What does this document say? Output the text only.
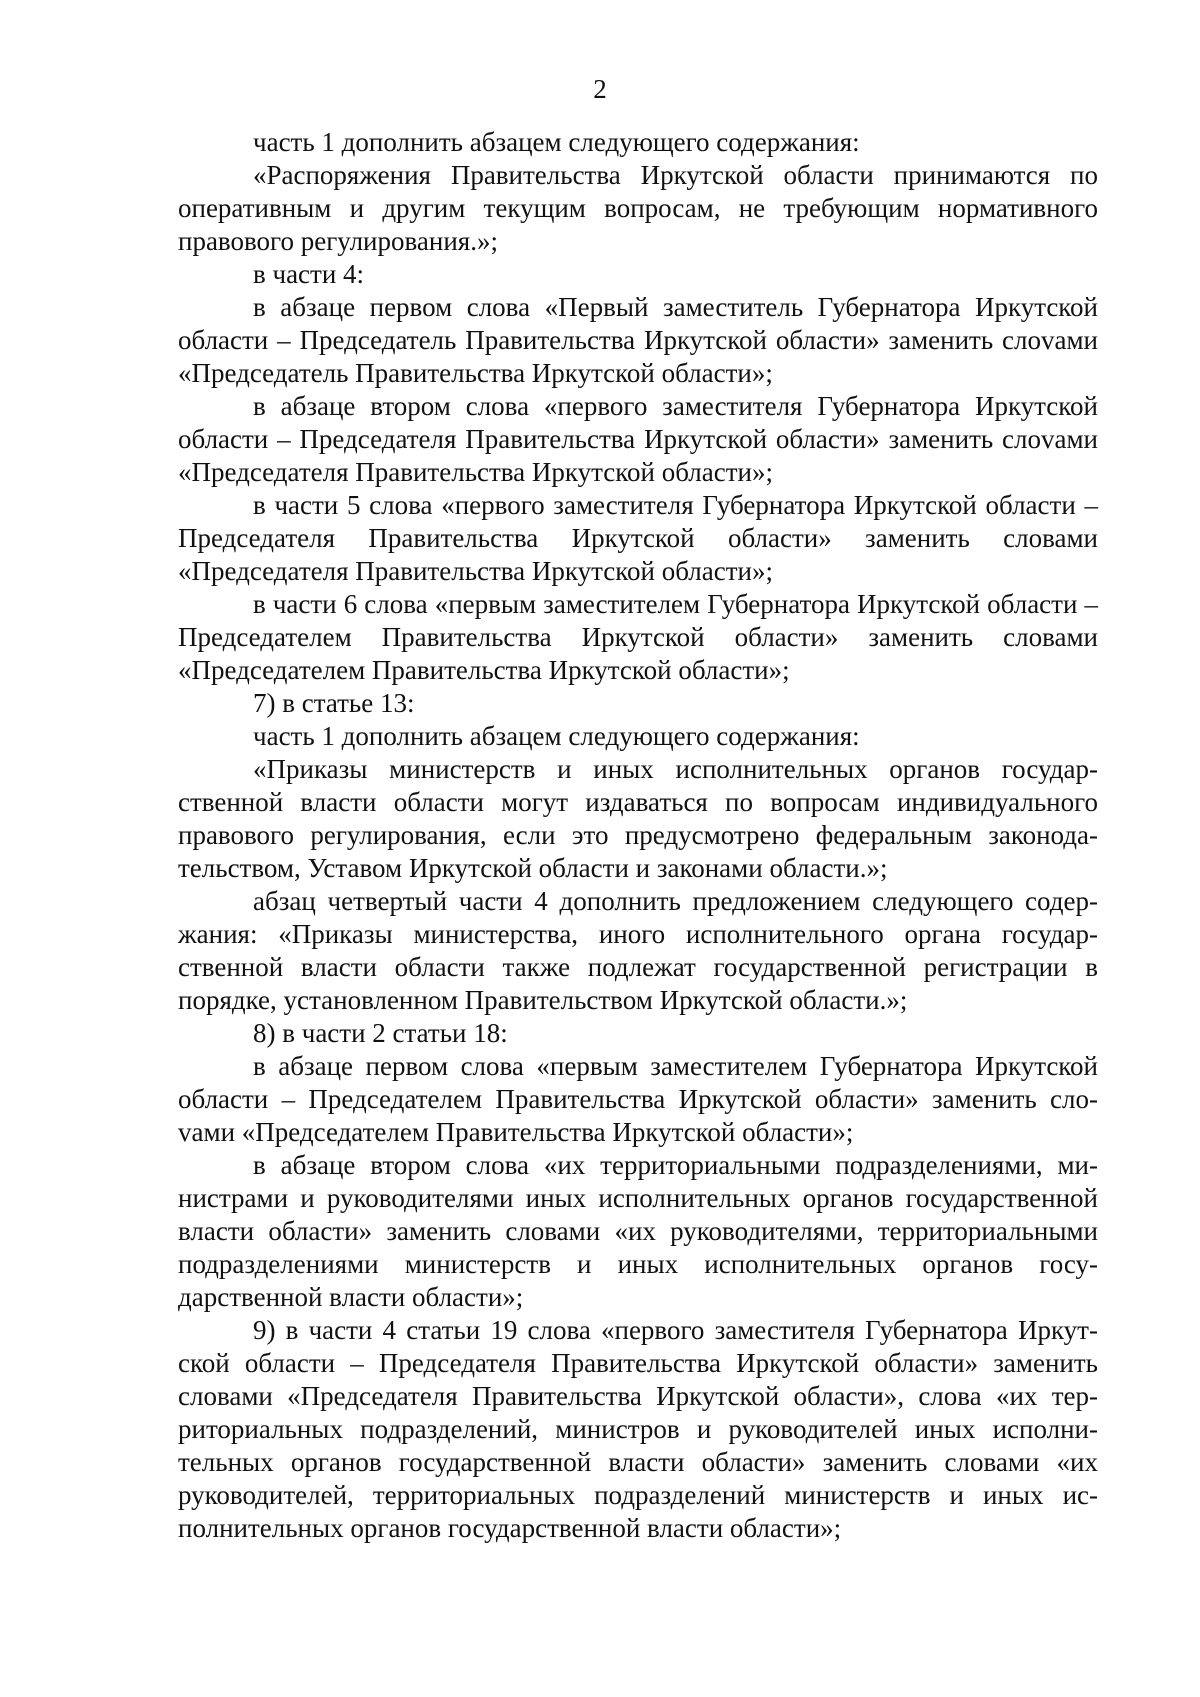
2

часть 1 дополнить абзацем следующего содержания:

«Распоряжения Правительства Иркутской области принимаются по оперативным и другим текущим вопросам, не требующим нормативного правового регулирования.»;

в части 4:

в абзаце первом слова «Первый заместитель Губернатора Иркутской области – Председатель Правительства Иркутской области» заменить слоvами «Председатель Правительства Иркутской области»;

в абзаце втором слова «первого заместителя Губернатора Иркутской области – Председателя Правительства Иркутской области» заменить слоvами «Председателя Правительства Иркутской области»;

в части 5 слова «первого заместителя Губернатора Иркутской области – Председателя Правительства Иркутской области» заменить словами «Председателя Правительства Иркутской области»;

в части 6 слова «первым заместителем Губернатора Иркутской области – Председателем Правительства Иркутской области» заменить словами «Председателем Правительства Иркутской области»;

7) в статье 13:

часть 1 дополнить абзацем следующего содержания:

«Приказы министерств и иных исполнительных органов государственной власти области могут издаваться по вопросам индивидуального правового регулирования, если это предусмотрено федеральным законодательством, Уставом Иркутской области и законами области.»;

абзац четвертый части 4 дополнить предложением следующего содержания: «Приказы министерства, иного исполнительного органа государственной власти области также подлежат государственной регистрации в порядке, установленном Правительством Иркутской области.»;

8) в части 2 статьи 18:

в абзаце первом слова «первым заместителем Губернатора Иркутской области – Председателем Правительства Иркутской области» заменить слоvами «Председателем Правительства Иркутской области»;

в абзаце втором слова «их территориальными подразделениями, министрами и руководителями иных исполнительных органов государственной власти области» заменить словами «их руководителями, территориальными подразделениями министерств и иных исполнительных органов государственной власти области»;

9) в части 4 статьи 19 слова «первого заместителя Губернатора Иркутской области – Председателя Правительства Иркутской области» заменить словами «Председателя Правительства Иркутской области», слова «их территориальных подразделений, министров и руководителей иных исполнительных органов государственной власти области» заменить словами «их руководителей, территориальных подразделений министерств и иных исполнительных органов государственной власти области»;
